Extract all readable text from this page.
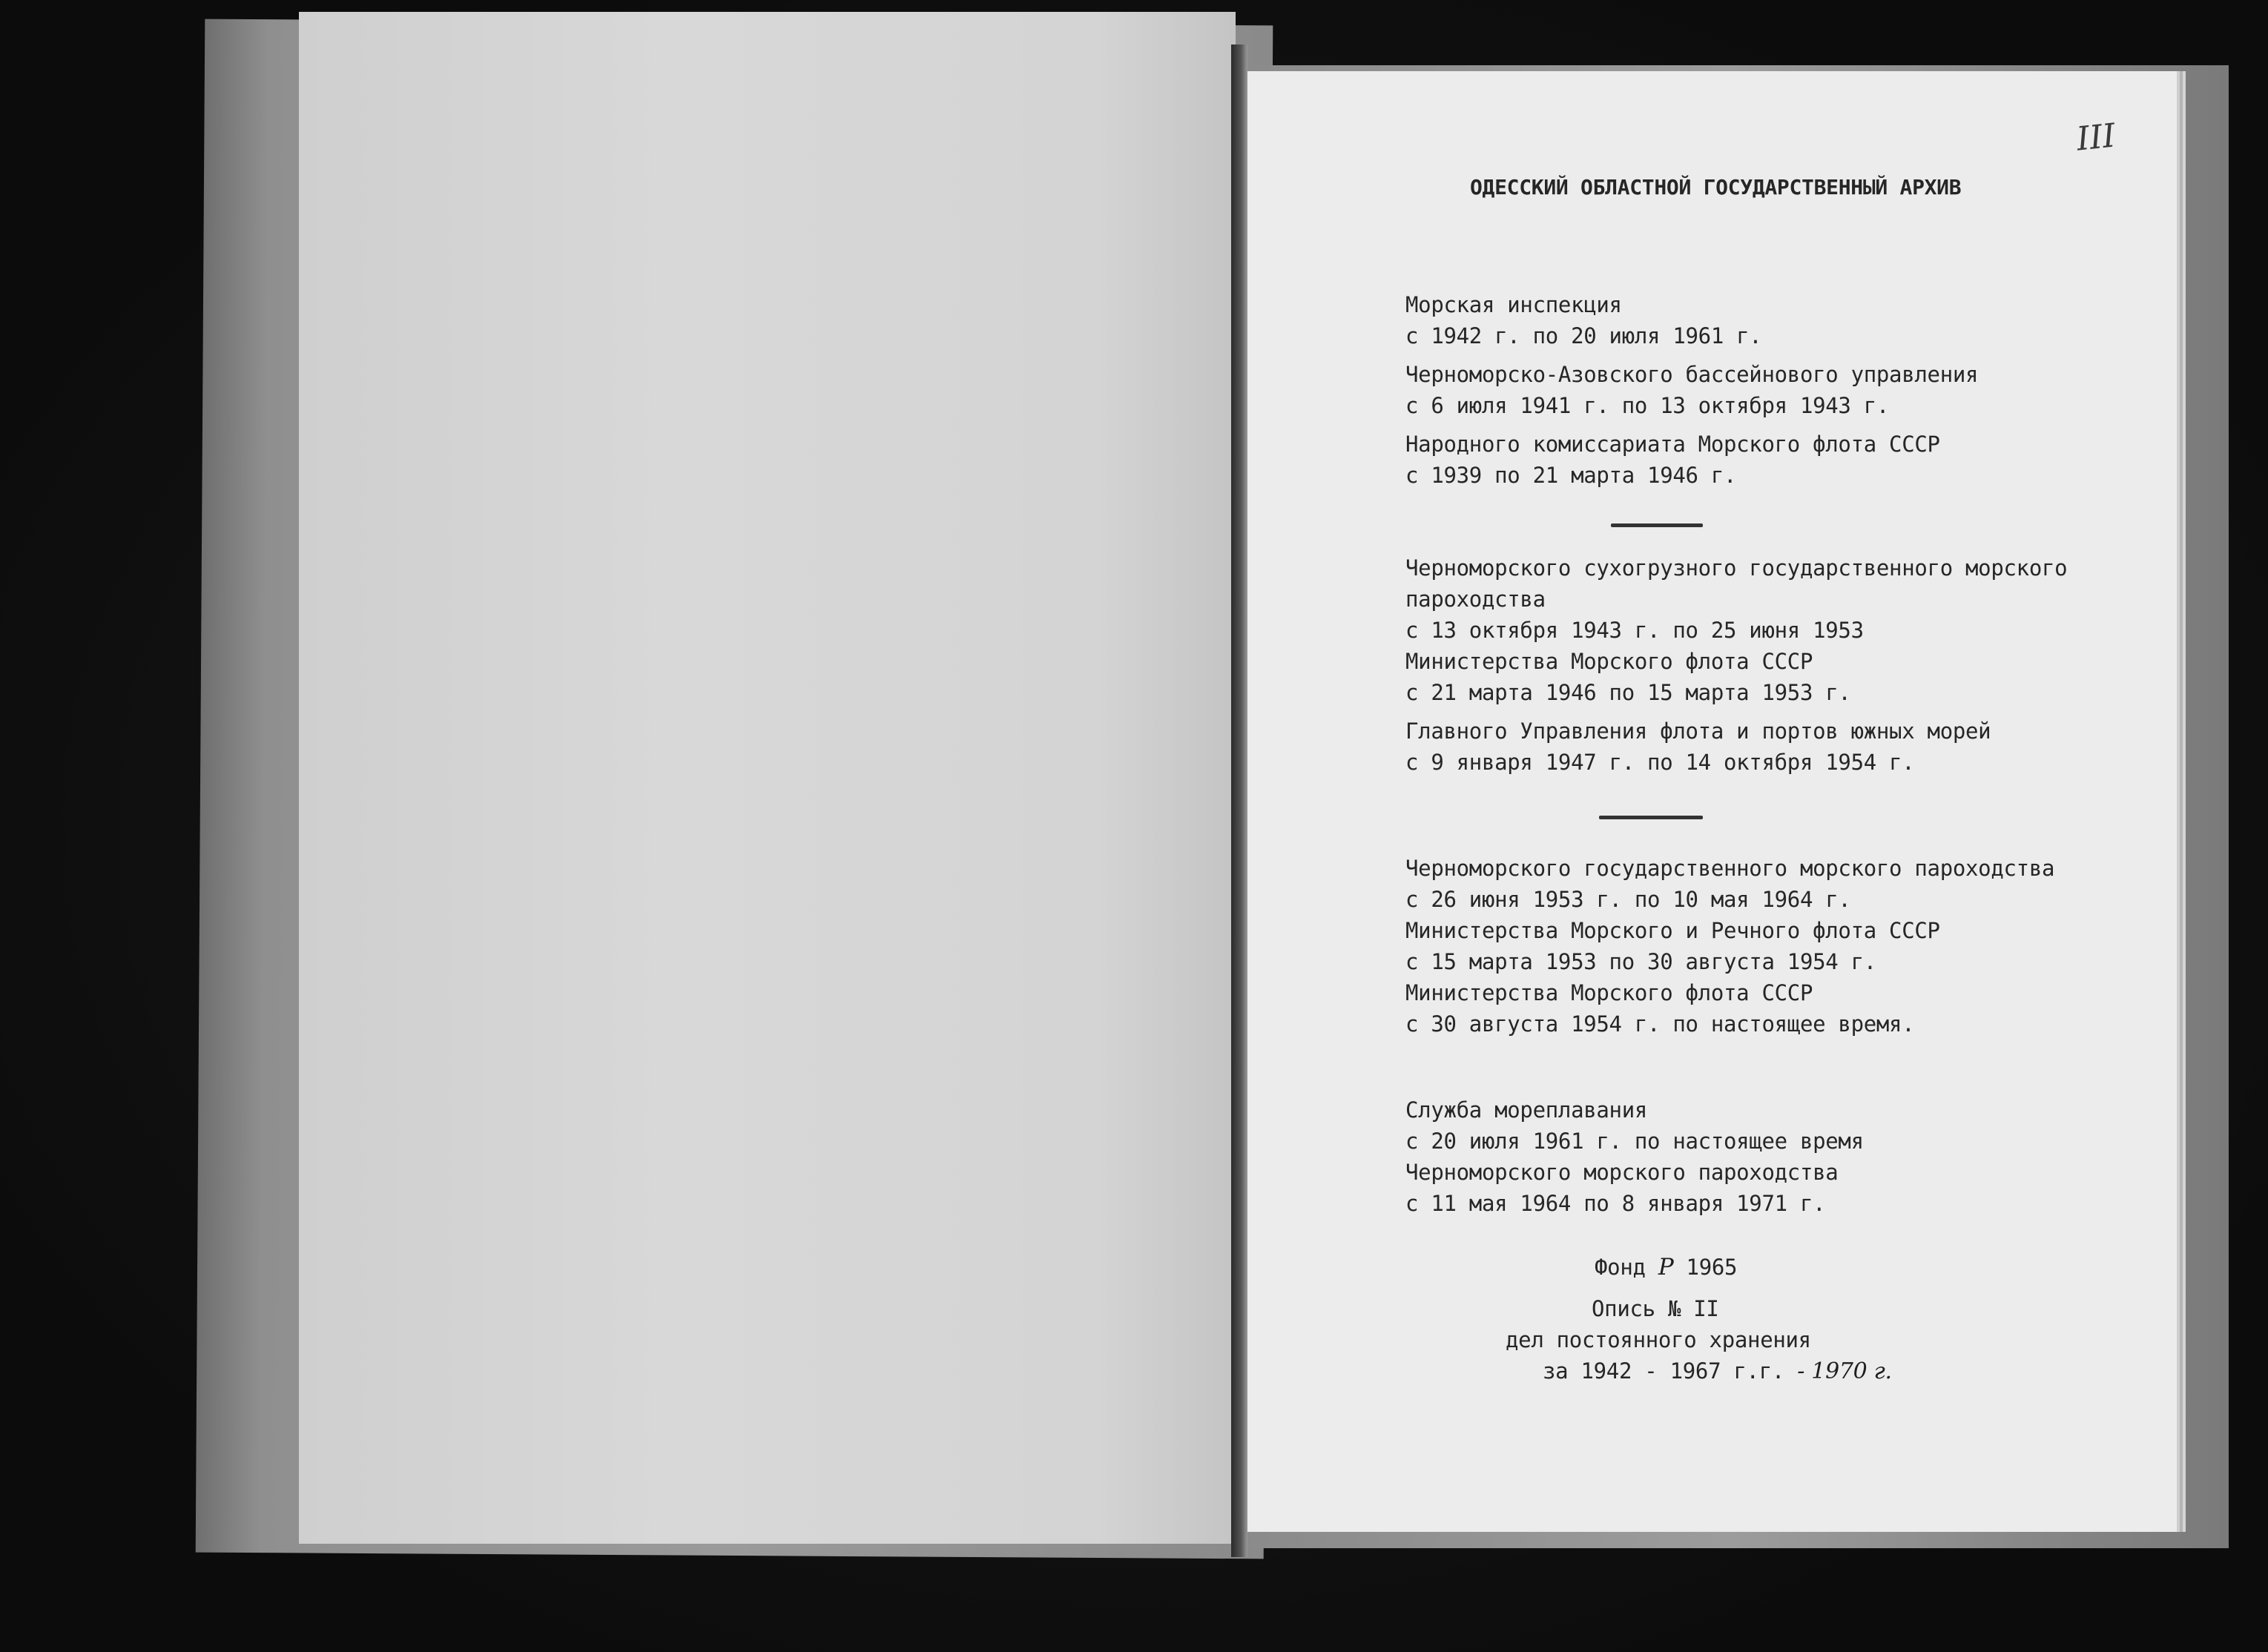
III
ОДЕССКИЙ ОБЛАСТНОЙ ГОСУДАРСТВЕННЫЙ АРХИВ
Морская инспекция
с 1942 г. по 20 июля 1961 г.
Черноморско-Азовского бассейнового управления
с 6 июля 1941 г. по 13 октября 1943 г.
Народного комиссариата Морского флота СССР
с 1939 по 21 марта 1946 г.
Черноморского сухогрузного государственного морского
пароходства
с 13 октября 1943 г. по 25 июня 1953
Министерства Морского флота СССР
с 21 марта 1946 по 15 марта 1953 г.
Главного Управления флота и портов южных морей
с 9 января 1947 г. по 14 октября 1954 г.
Черноморского государственного морского пароходства
с 26 июня 1953 г. по 10 мая 1964 г.
Министерства Морского и Речного флота СССР
с 15 марта 1953 по 30 августа 1954 г.
Министерства Морского флота СССР
с 30 августа 1954 г. по настоящее время.
Служба мореплавания
с 20 июля 1961 г. по настоящее время
Черноморского морского пароходства
с 11 мая 1964 по 8 января 1971 г.
Фонд Р 1965
Опись № II
дел постоянного хранения
за 1942 - 1967 г.г. - 1970 г.
